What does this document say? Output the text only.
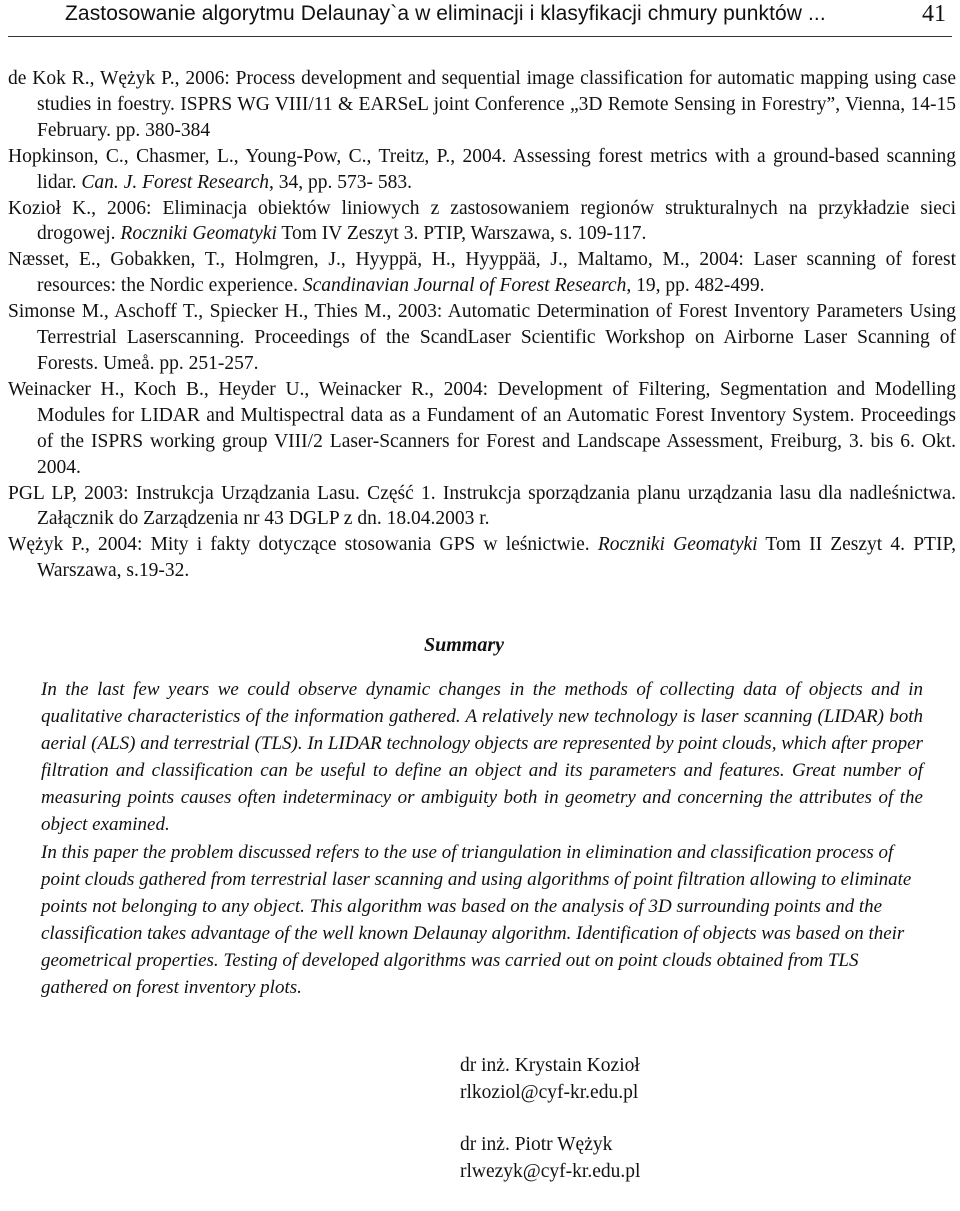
Zastosowanie algorytmu Delaunay`a w eliminacji i klasyfikacji chmury punktów ...	41

de Kok R., Wężyk P., 2006: Process development and sequential image classification for automatic mapping using case studies in foestry. ISPRS WG VIII/11 & EARSeL joint Conference „3D Remote Sensing in Forestry”, Vienna, 14-15 February. pp. 380-384

Hopkinson, C., Chasmer, L., Young-Pow, C., Treitz, P., 2004. Assessing forest metrics with a ground-based scanning lidar. Can. J. Forest Research, 34, pp. 573- 583.

Kozioł K., 2006: Eliminacja obiektów liniowych z zastosowaniem regionów strukturalnych na przykładzie sieci drogowej. Roczniki Geomatyki Tom IV Zeszyt 3. PTIP, Warszawa, s. 109-117.

Næsset, E., Gobakken, T., Holmgren, J., Hyyppä, H., Hyyppää, J., Maltamo, M., 2004: Laser scanning of forest resources: the Nordic experience. Scandinavian Journal of Forest Research, 19, pp. 482-499.

Simonse M., Aschoff T., Spiecker H., Thies M., 2003: Automatic Determination of Forest Inventory Parameters Using Terrestrial Laserscanning. Proceedings of the ScandLaser Scientific Workshop on Airborne Laser Scanning of Forests. Umeå. pp. 251-257.

Weinacker H., Koch B., Heyder U., Weinacker R., 2004: Development of Filtering, Segmentation and Modelling Modules for LIDAR and Multispectral data as a Fundament of an Automatic Forest Inventory System. Proceedings of the ISPRS working group VIII/2 Laser-Scanners for Forest and Landscape Assessment, Freiburg, 3. bis 6. Okt. 2004.

PGL LP, 2003: Instrukcja Urządzania Lasu. Część 1. Instrukcja sporządzania planu urządzania lasu dla nadleśnictwa. Załącznik do Zarządzenia nr 43 DGLP z dn. 18.04.2003 r.

Wężyk P., 2004: Mity i fakty dotyczące stosowania GPS w leśnictwie. Roczniki Geomatyki Tom II Zeszyt 4. PTIP, Warszawa, s.19-32.

Summary

In the last few years we could observe dynamic changes in the methods of collecting data of objects and in qualitative characteristics of the information gathered. A relatively new technology is laser scanning (LIDAR) both aerial (ALS) and terrestrial (TLS). In LIDAR technology objects are represented by point clouds, which after proper filtration and classification can be useful to define an object and its parameters and features. Great number of measuring points causes often indeterminacy or ambiguity both in geometry and concerning the attributes of the object examined.

In this paper the problem discussed refers to the use of triangulation in elimination and classification process of point clouds gathered from terrestrial laser scanning and using algorithms of point filtration allowing to eliminate points not belonging to any object. This algorithm was based on the analysis of 3D surrounding points and the classification takes advantage of the well known Delaunay algorithm. Identification of objects was based on their geometrical properties. Testing of developed algorithms was carried out on point clouds obtained from TLS gathered on forest inventory plots.

dr inż. Krystain Kozioł
rlkoziol@cyf-kr.edu.pl
dr inż. Piotr Wężyk
rlwezyk@cyf-kr.edu.pl
